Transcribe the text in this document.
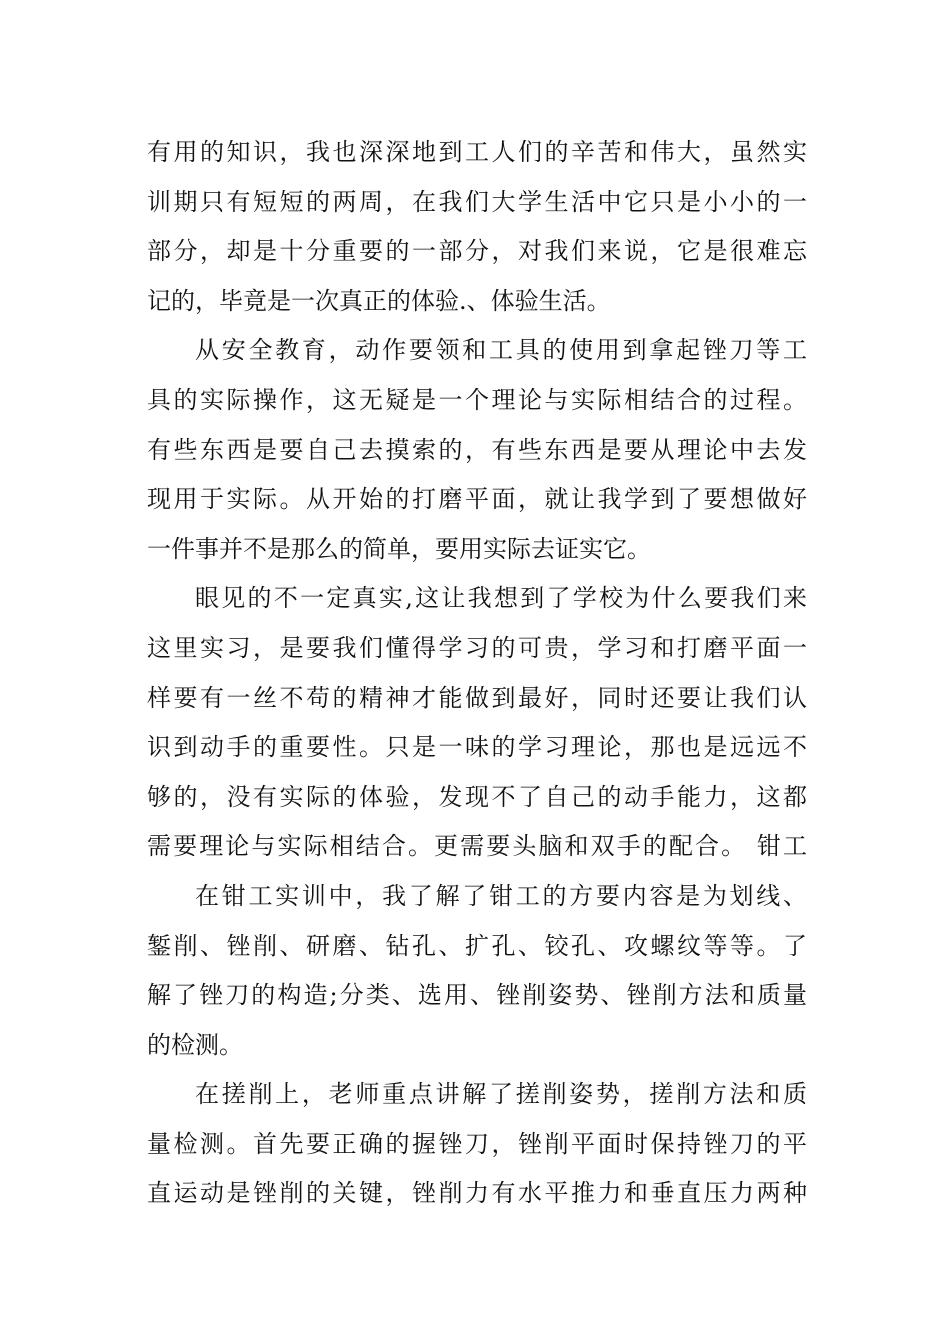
有用的知识，我也深深地到工人们的辛苦和伟大，虽然实
训期只有短短的两周，在我们大学生活中它只是小小的一
部分，却是十分重要的一部分，对我们来说，它是很难忘
记的，毕竟是一次真正的体验.、体验生活。
从安全教育，动作要领和工具的使用到拿起锉刀等工
具的实际操作，这无疑是一个理论与实际相结合的过程。
有些东西是要自己去摸索的，有些东西是要从理论中去发
现用于实际。从开始的打磨平面，就让我学到了要想做好
一件事并不是那么的简单，要用实际去证实它。
眼见的不一定真实,这让我想到了学校为什么要我们来
这里实习，是要我们懂得学习的可贵，学习和打磨平面一
样要有一丝不苟的精神才能做到最好，同时还要让我们认
识到动手的重要性。只是一味的学习理论，那也是远远不
够的，没有实际的体验，发现不了自己的动手能力，这都
需要理论与实际相结合。更需要头脑和双手的配合。 钳工
在钳工实训中，我了解了钳工的方要内容是为划线、
錾削、锉削、研磨、钻孔、扩孔、铰孔、攻螺纹等等。了
解了锉刀的构造;分类、选用、锉削姿势、锉削方法和质量
的检测。
在搓削上，老师重点讲解了搓削姿势，搓削方法和质
量检测。首先要正确的握锉刀，锉削平面时保持锉刀的平
直运动是锉削的关键，锉削力有水平推力和垂直压力两种
